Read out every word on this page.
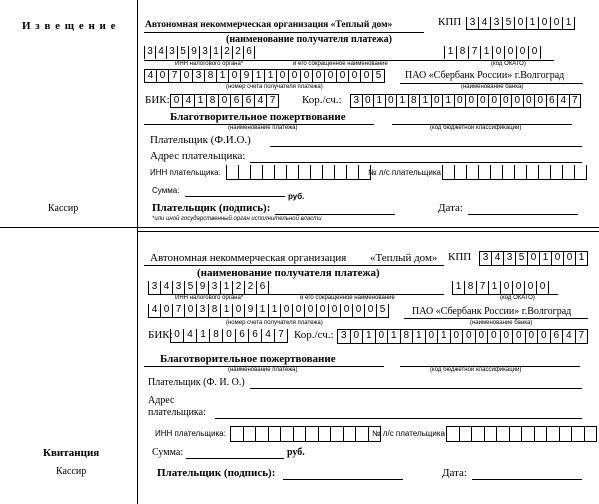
И з в е щ е н и е
Кассир
Автономная некоммерческая организация «Теплый дом»
(наименование получателя платежа)
КПП 3 4 3 5 0 1 0 0 1
3 4 3 5 9 3 1 2 2 6	1 8 7 1 0 0 0 0
ИНН налогового органа*	и его сокращенное наименование	(код ОКАТО)
4 0 7 0 3 8 1 0 9 1 1 0 0 0 0 0 0 0 0 5	ПАО «Сбербанк России» г.Волгоград
(номер счета получателя платежа)	(наименование банка)
БИК: 0 4 1 8 0 6 6 4 7	Кор./сч.: 3 0 1 0 1 8 1 0 1 0 0 0 0 0 0 0 0 6 4 7
Благотворительное пожертвование
(наименование платежа)	(код бюджетной классификации)
Плательщик (Ф.И.О.)
Адрес плательщика:
ИНН плательщика:	№ л/с плательщика
Сумма:
руб.
Плательщик (подпись):	Дата:
*или иной государственный орган исполнительной власти
Квитанция
Кассир
Автономная некоммерческая организация «Теплый дом»
(наименование получателя платежа)
КПП 3 4 3 5 0 1 0 0 1
3 4 3 5 9 3 1 2 2 6	1 8 7 1 0 0 0 0
ИНН налогового органа*	и его сокращенное наименование	(код ОКАТО)
4 0 7 0 3 8 1 0 9 1 1 0 0 0 0 0 0 0 0 5	ПАО «Сбербанк России» г.Волгоград
(номер счета получателя платежа)	(наименование банка)
БИК: 0 4 1 8 0 6 6 4 7 Кор./сч.: 3 0 1 0 1 8 1 0 1 0 0 0 0 0 0 0 0 6 4 7
Благотворительное пожертвование
(наименование платежа)	(код бюджетной классификации)
Плательщик (Ф. И. О.)
Адрес
плательщика:
ИНН плательщика:	№ л/с плательщика
Сумма:	руб.
Плательщик (подпись):	Дата:
